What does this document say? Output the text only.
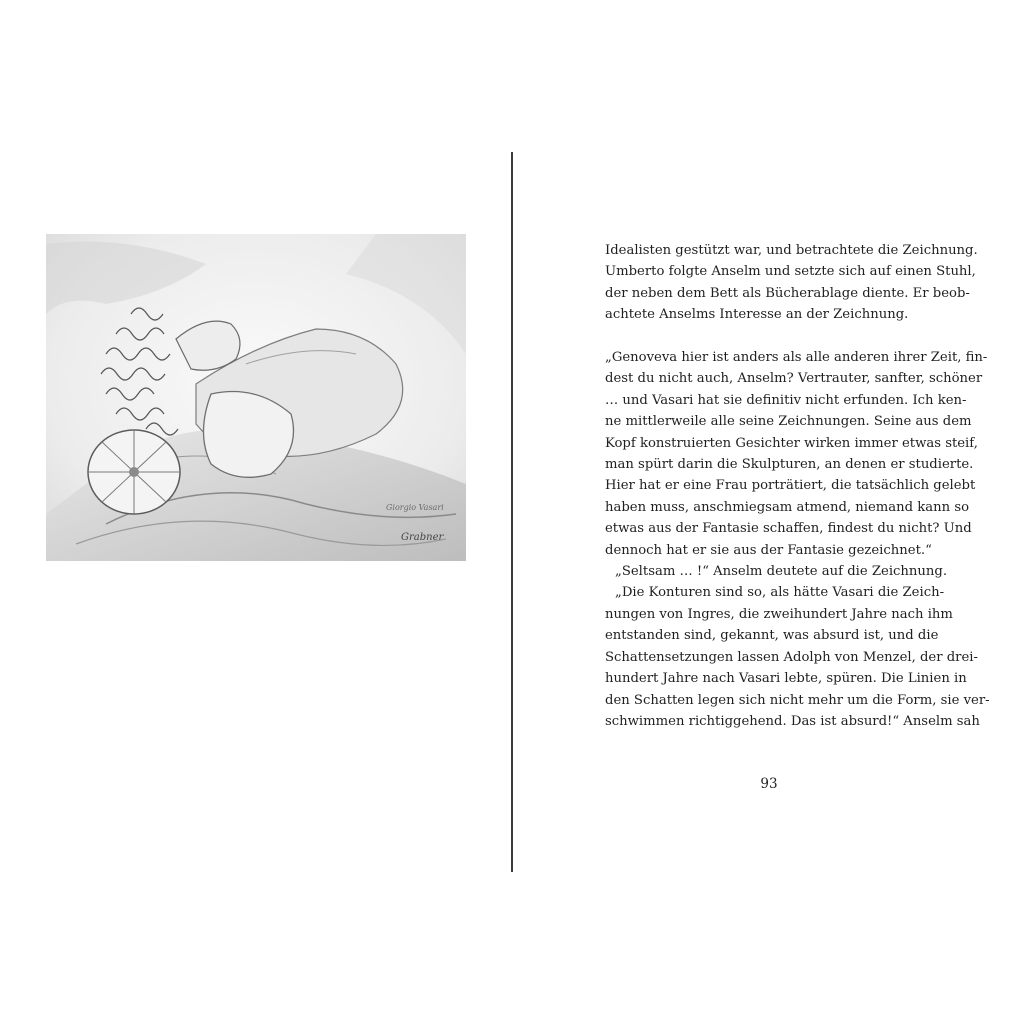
Giorgio Vasari
Grabner
Idealisten gestützt war, und betrachtete die Zeichnung.
Umberto folgte Anselm und setzte sich auf einen Stuhl,
der neben dem Bett als Bücherablage diente. Er beob-
achtete Anselms Interesse an der Zeichnung.
„Genoveva hier ist anders als alle anderen ihrer Zeit, fin-
dest du nicht auch, Anselm? Vertrauter, sanfter, schöner
… und Vasari hat sie definitiv nicht erfunden. Ich ken-
ne mittlerweile alle seine Zeichnungen. Seine aus dem
Kopf konstruierten Gesichter wirken immer etwas steif,
man spürt darin die Skulpturen, an denen er studierte.
Hier hat er eine Frau porträtiert, die tatsächlich gelebt
haben muss, anschmiegsam atmend, niemand kann so
etwas aus der Fantasie schaffen, findest du nicht? Und
dennoch hat er sie aus der Fantasie gezeichnet.“
„Seltsam … !“ Anselm deutete auf die Zeichnung.
„Die Konturen sind so, als hätte Vasari die Zeich-
nungen von Ingres, die zweihundert Jahre nach ihm
entstanden sind, gekannt, was absurd ist, und die
Schattensetzungen lassen Adolph von Menzel, der drei-
hundert Jahre nach Vasari lebte, spüren. Die Linien in
den Schatten legen sich nicht mehr um die Form, sie ver-
schwimmen richtiggehend. Das ist absurd!“ Anselm sah
93
